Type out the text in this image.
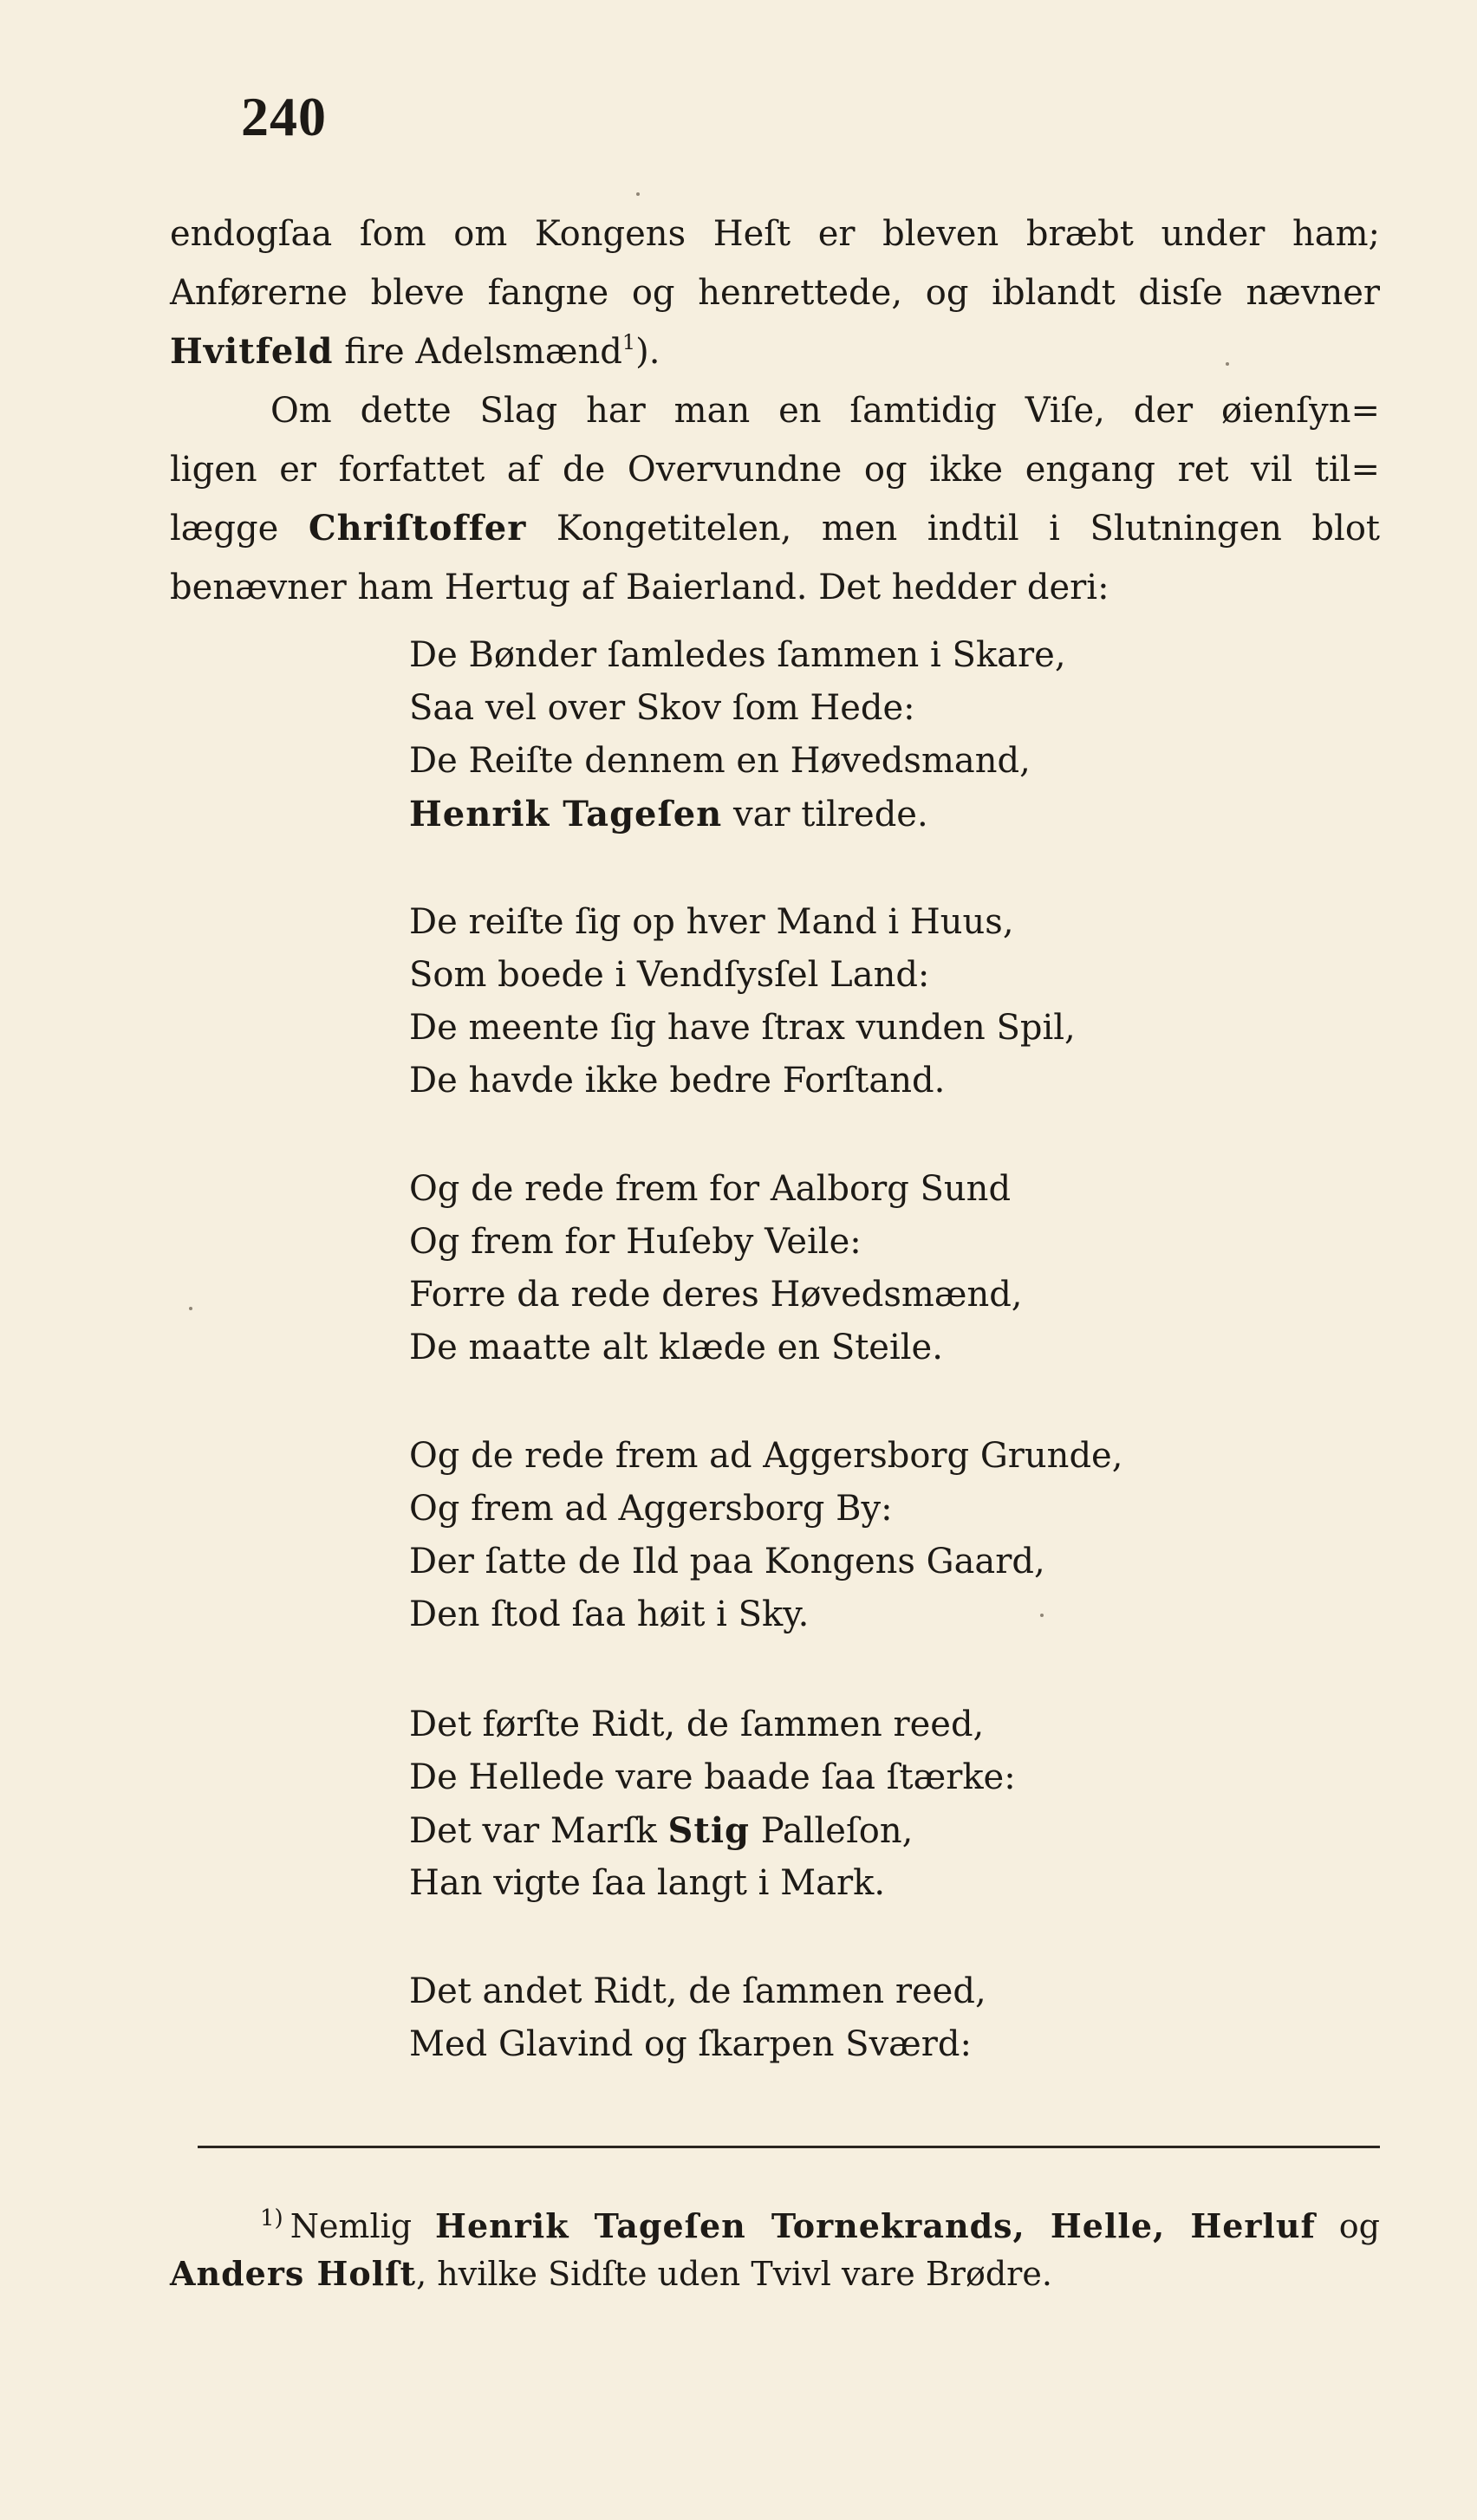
240
endogſaa ſom om Kongens Heſt er bleven bræbt under ham;
Anførerne bleve fangne og henrettede, og iblandt disſe nævner
Hvitfeld fire Adelsmænd$^1$).
Om dette Slag har man en ſamtidig Viſe, der øienſyn=
ligen er forfattet af de Overvundne og ikke engang ret vil til=
lægge Chriſtoffer Kongetitelen, men indtil i Slutningen blot
benævner ham Hertug af Baierland. Det hedder deri:
De Bønder ſamledes ſammen i Skare,
Saa vel over Skov ſom Hede:
De Reiſte dennem en Høvedsmand,
Henrik Tageſen var tilrede.
De reiſte ſig op hver Mand i Huus,
Som boede i Vendſysſel Land:
De meente ſig have ſtrax vunden Spil,
De havde ikke bedre Forſtand.
Og de rede frem for Aalborg Sund
Og frem for Huſeby Veile:
Forre da rede deres Høvedsmænd,
De maatte alt klæde en Steile.
Og de rede frem ad Aggersborg Grunde,
Og frem ad Aggersborg By:
Der ſatte de Ild paa Kongens Gaard,
Den ſtod ſaa høit i Sky.
Det førſte Ridt, de ſammen reed,
De Hellede vare baade ſaa ſtærke:
Det var Marſk Stig Palleſon,
Han vigte ſaa langt i Mark.
Det andet Ridt, de ſammen reed,
Med Glavind og ſkarpen Sværd:
$^{1)}$ Nemlig Henrik Tageſen Tornekrands, Helle, Herluf og
Anders Holſt, hvilke Sidſte uden Tvivl vare Brødre.
